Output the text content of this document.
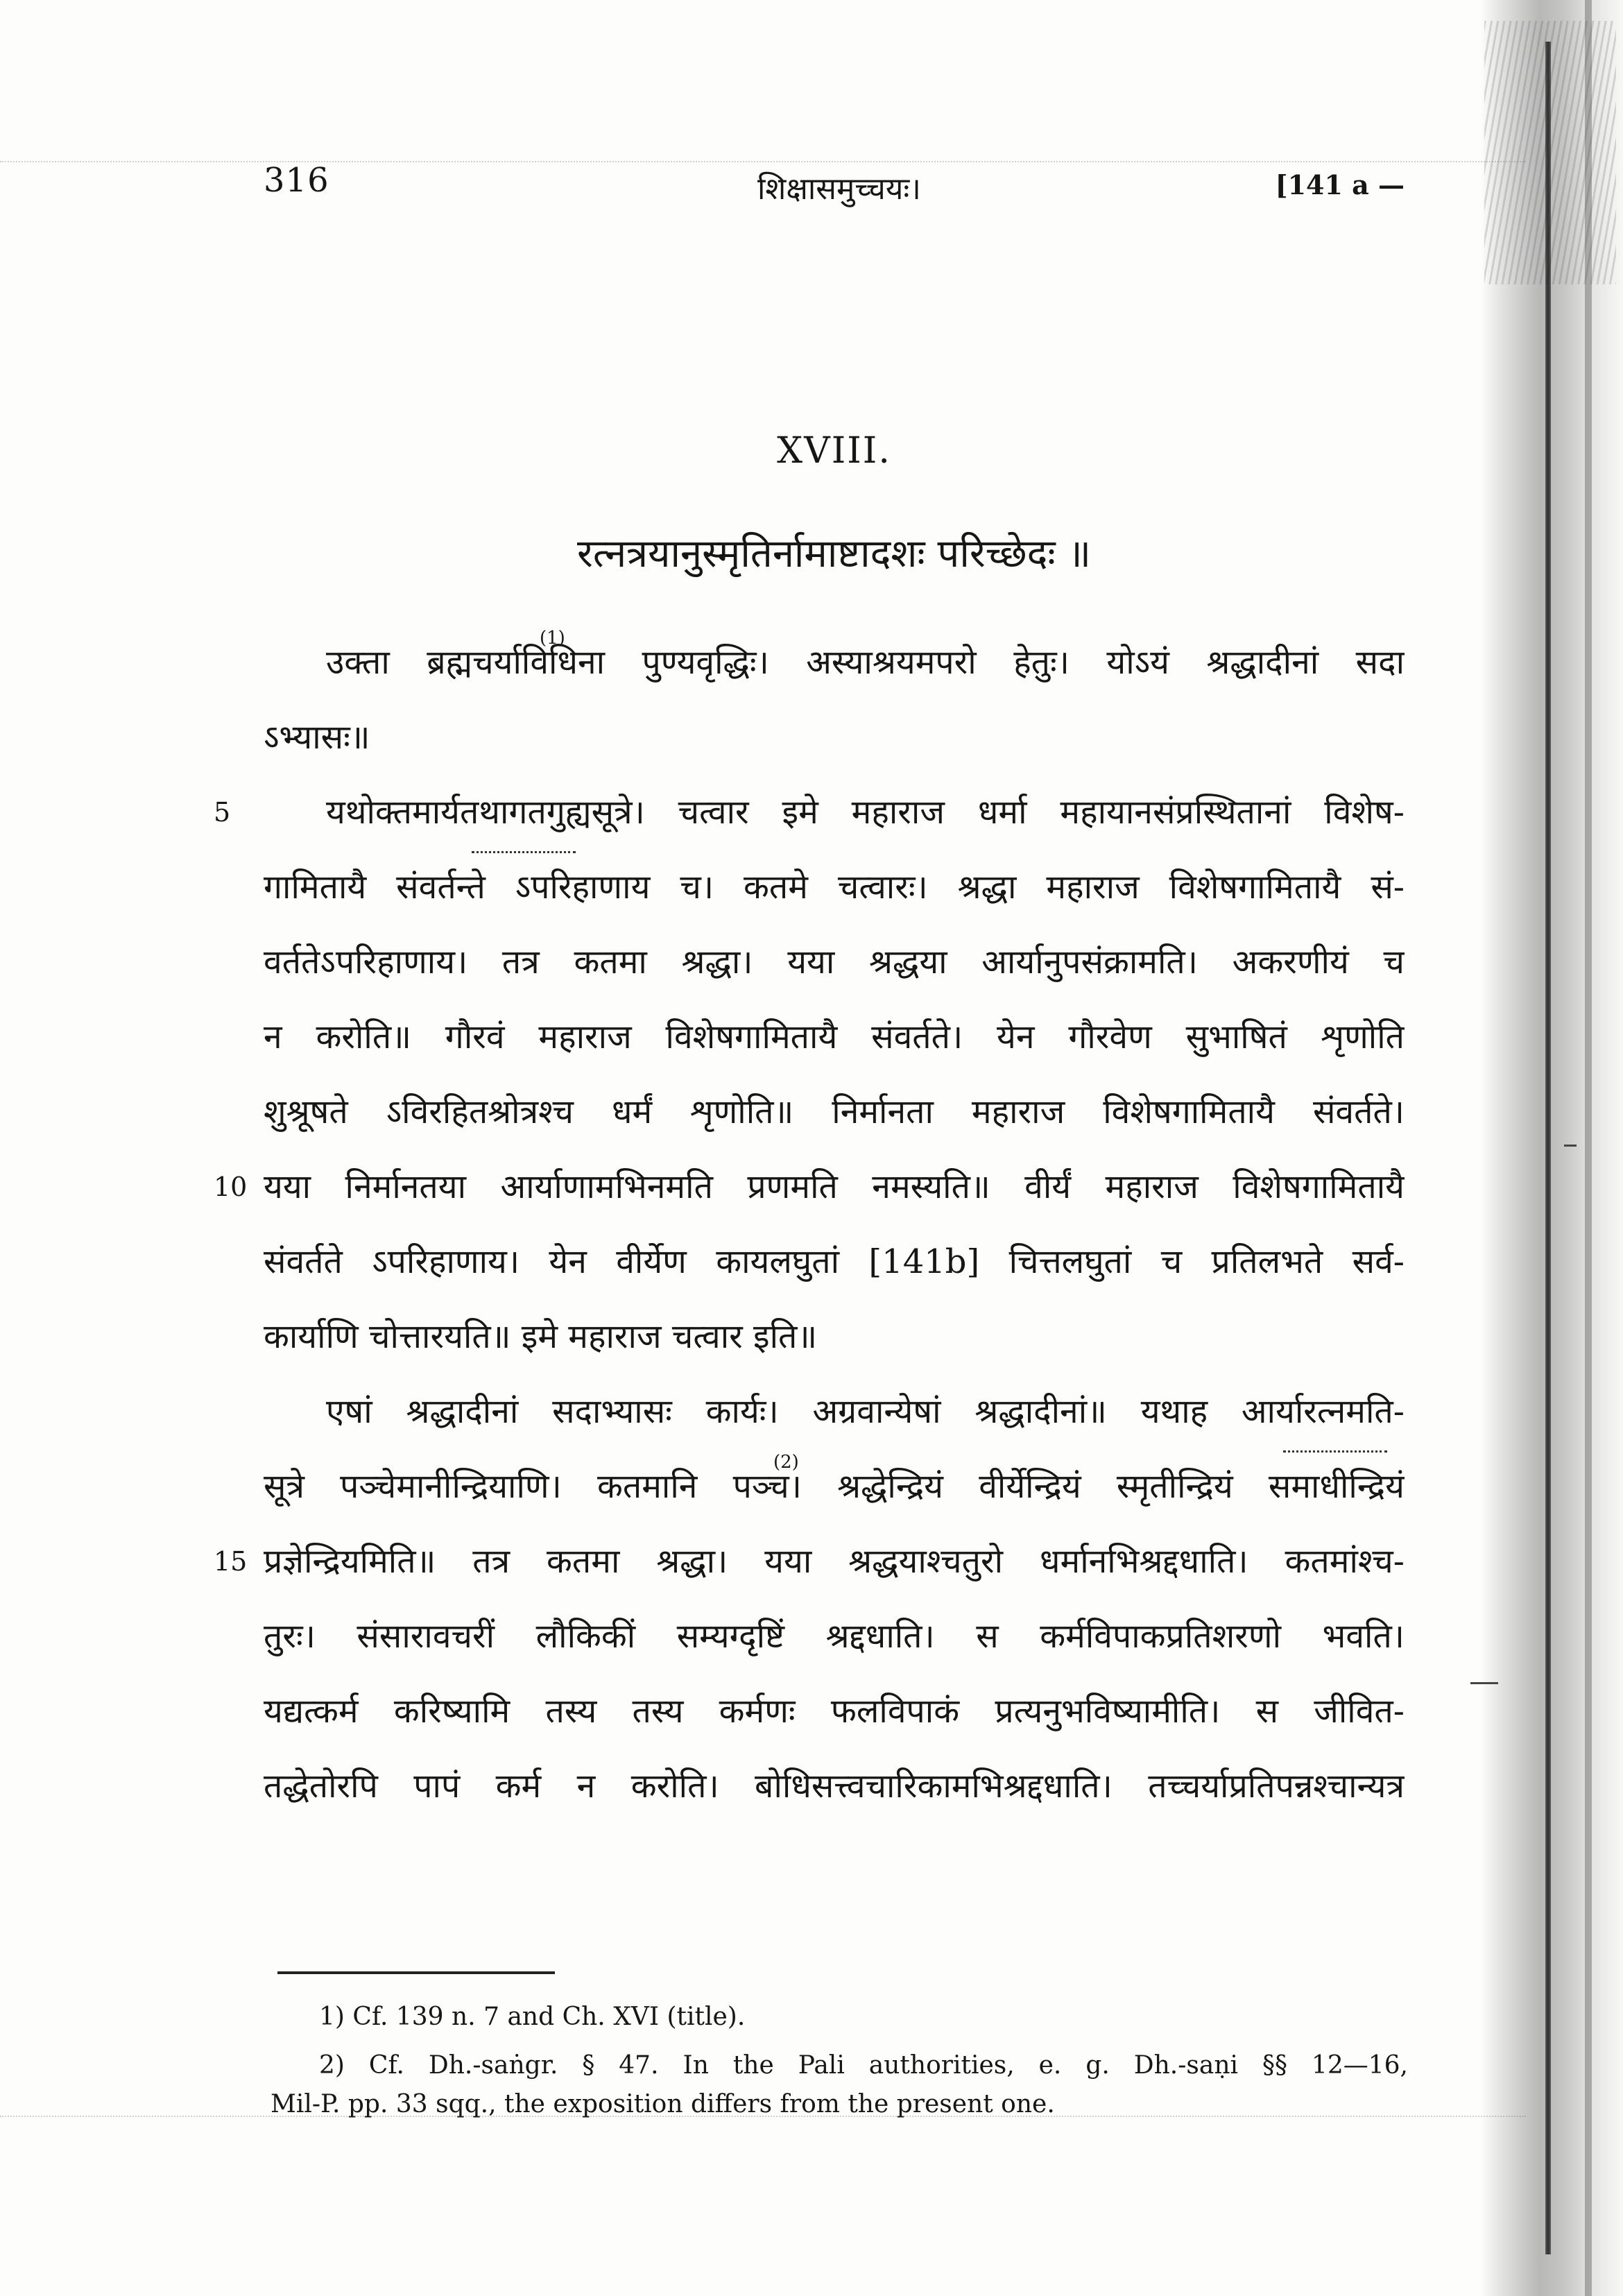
316	शिक्षासमुच्चयः।	[141 a —
XVIII.
रत्नत्रयानुस्मृतिर्नामाष्टादशः परिच्छेदः ॥
उक्ता ब्रह्मचर्याविधिना पुण्यवृद्धिः। अस्याश्रयमपरो हेतुः। योऽयं श्रद्धादीनां सदा
(1)
ऽभ्यासः॥
5	यथोक्तमार्यतथागतगुह्यसूत्रे। चत्वार इमे महाराज धर्मा महायानसंप्रस्थितानां विशेष-
गामितायै संवर्तन्ते ऽपरिहाणाय च। कतमे चत्वारः। श्रद्धा महाराज विशेषगामितायै सं-
वर्ततेऽपरिहाणाय। तत्र कतमा श्रद्धा। यया श्रद्धया आर्यानुपसंक्रामति। अकरणीयं च
न करोति॥ गौरवं महाराज विशेषगामितायै संवर्तते। येन गौरवेण सुभाषितं शृणोति
शुश्रूषते ऽविरहितश्रोत्रश्च धर्मं शृणोति॥ निर्मानता महाराज विशेषगामितायै संवर्तते।
10 यया निर्मानतया आर्याणामभिनमति प्रणमति नमस्यति॥ वीर्यं महाराज विशेषगामितायै
संवर्तते ऽपरिहाणाय। येन वीर्येण कायलघुतां [141b] चित्तलघुतां च प्रतिलभते सर्व-
कार्याणि चोत्तारयति॥ इमे महाराज चत्वार इति॥
एषां श्रद्धादीनां सदाभ्यासः कार्यः। अग्रवान्येषां श्रद्धादीनां॥ यथाह आर्यारत्नमति-
(2)
सूत्रे पञ्चेमानीन्द्रियाणि। कतमानि पञ्च। श्रद्धेन्द्रियं वीर्येन्द्रियं स्मृतीन्द्रियं समाधीन्द्रियं
15 प्रज्ञेन्द्रियमिति॥ तत्र कतमा श्रद्धा। यया श्रद्धयाश्चतुरो धर्मानभिश्रद्दधाति। कतमांश्च-
तुरः। संसारावचरीं लौकिकीं सम्यग्दृष्टिं श्रद्दधाति। स कर्मविपाकप्रतिशरणो भवति।
यद्यत्कर्म करिष्यामि तस्य तस्य कर्मणः फलविपाकं प्रत्यनुभविष्यामीति। स जीवित-
तद्धेतोरपि पापं कर्म न करोति। बोधिसत्त्वचारिकामभिश्रद्दधाति। तच्चर्याप्रतिपन्नश्चान्यत्र
1) Cf. 139 n. 7 and Ch. XVI (title).
2) Cf. Dh.-saṅgr. § 47. In the Pali authorities, e. g. Dh.-saṇi §§ 12—16,
Mil-P. pp. 33 sqq., the exposition differs from the present one.
